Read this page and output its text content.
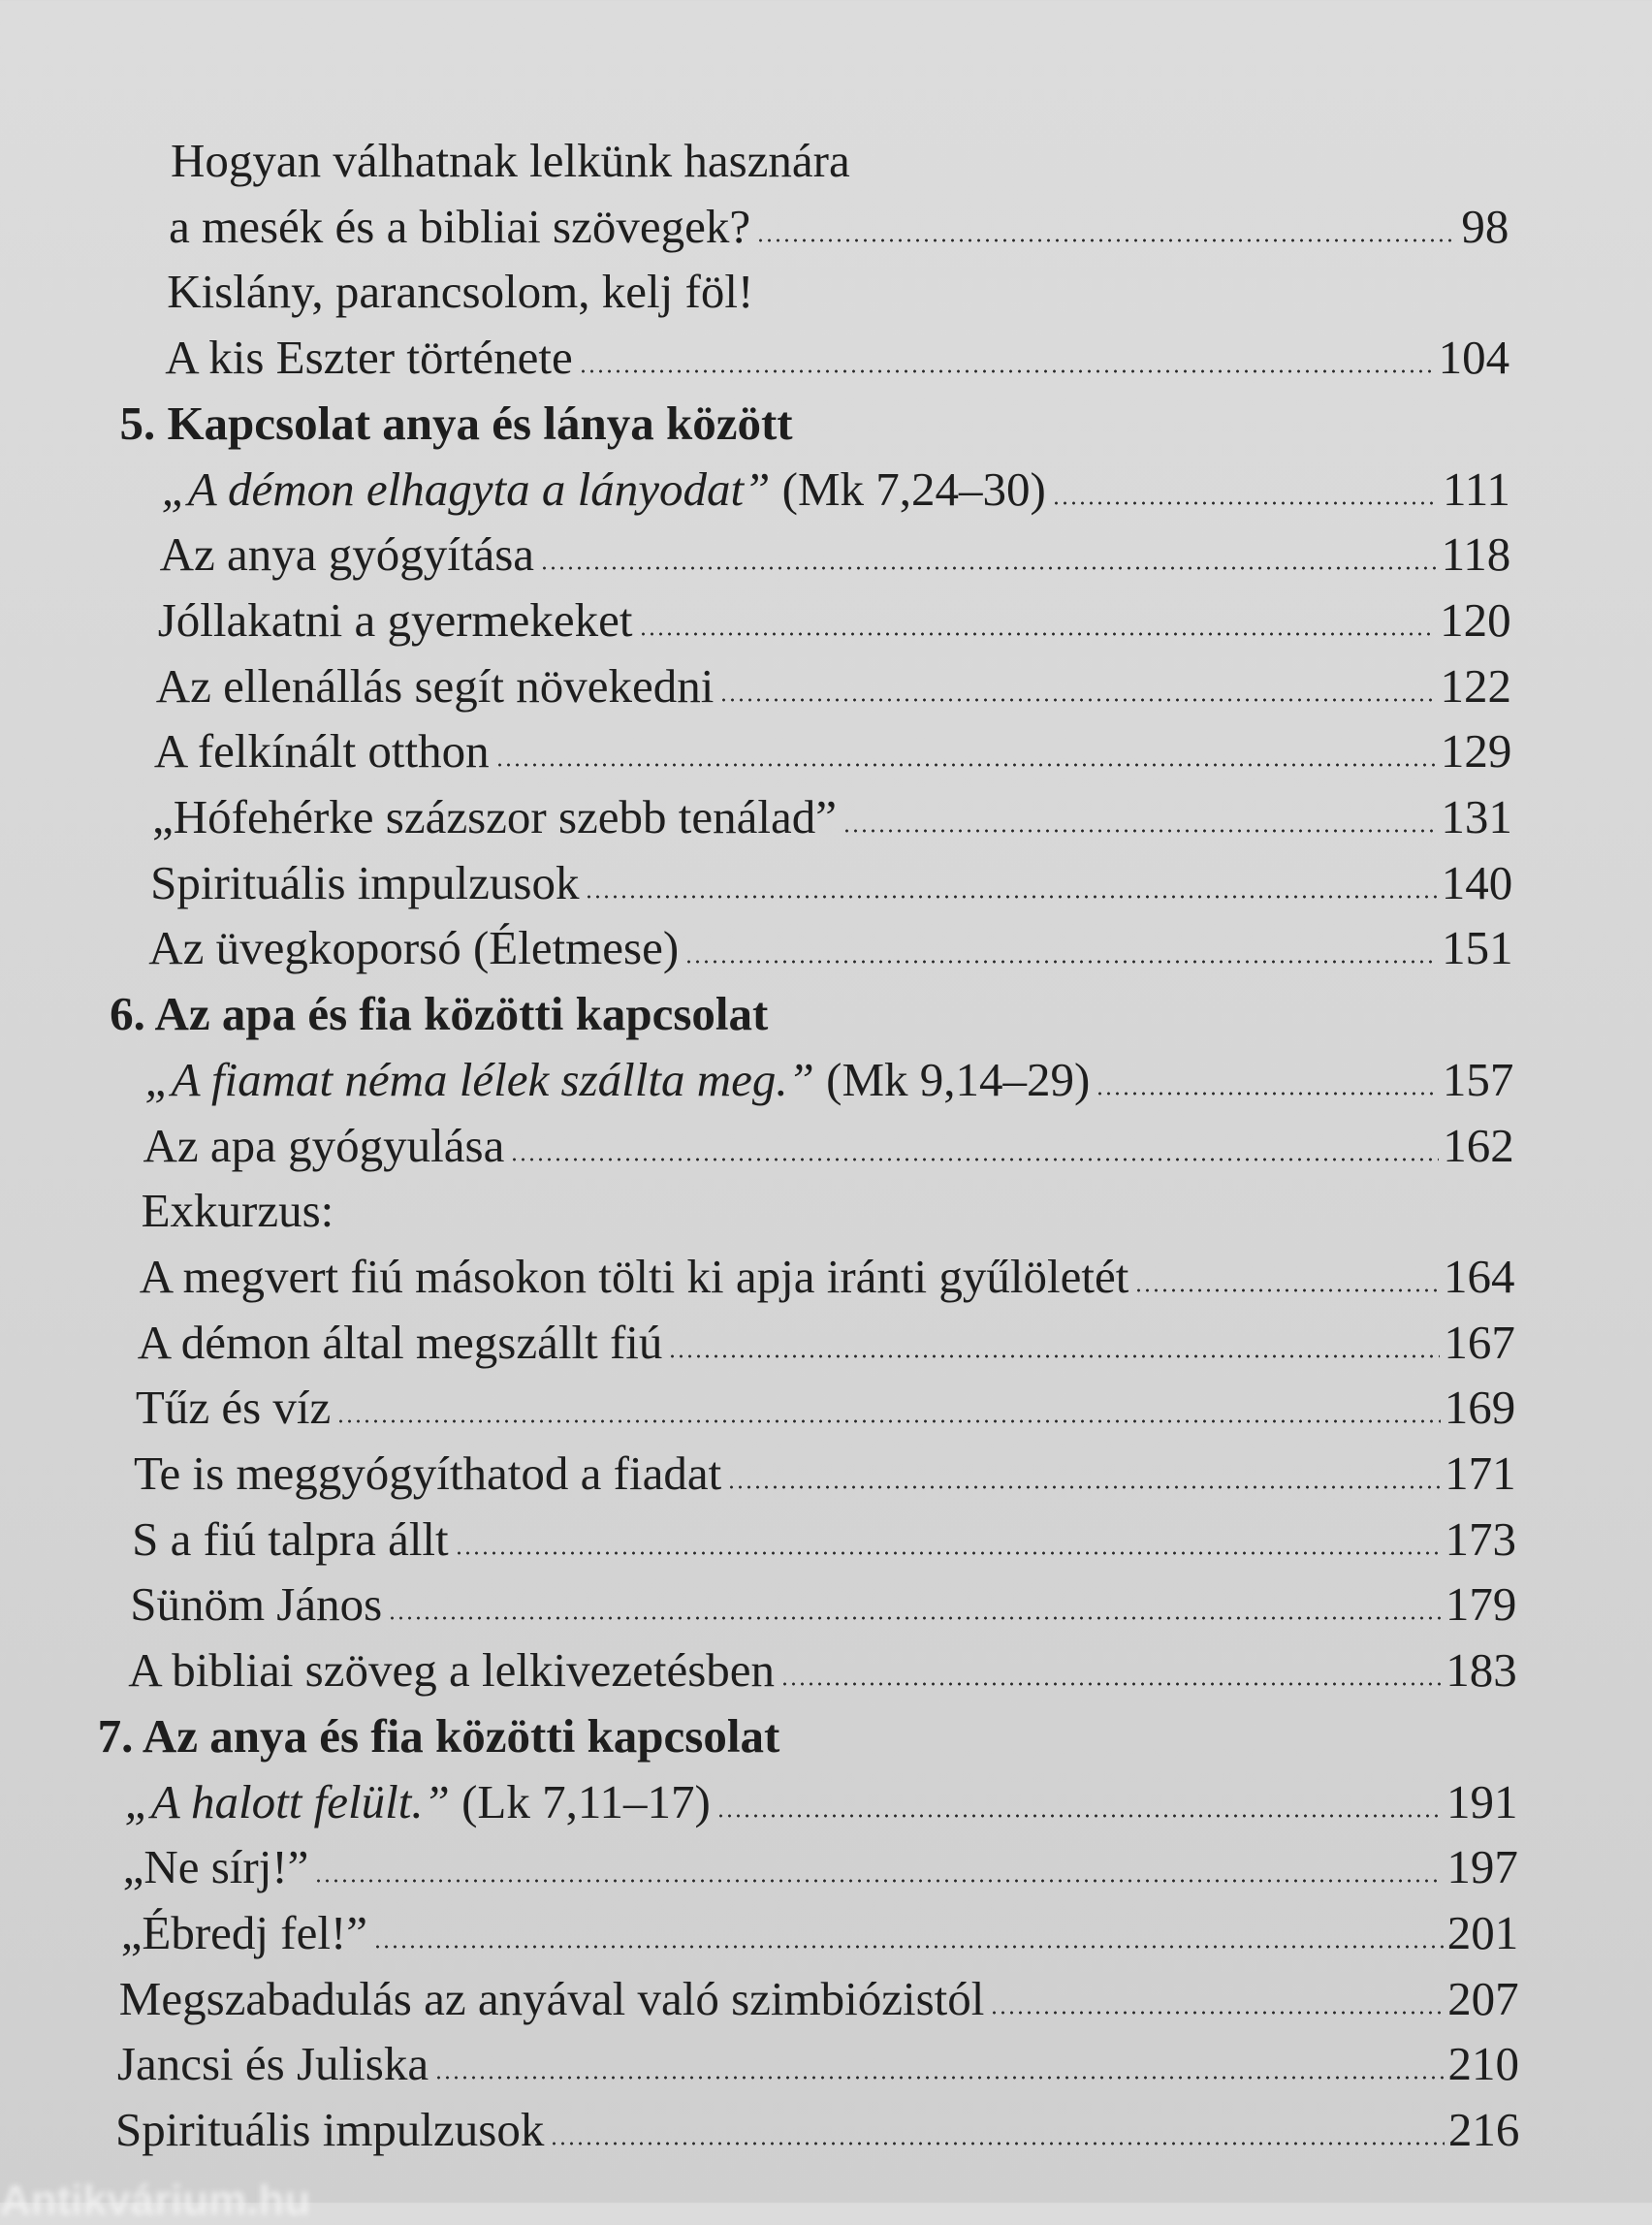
Hogyan válhatnak lelkünk hasznára
a mesék és a bibliai szövegek?	98
Kislány, parancsolom, kelj föl!
A kis Eszter története	104
5. Kapcsolat anya és lánya között
„A démon elhagyta a lányodat” (Mk 7,24–30)	111
Az anya gyógyítása	118
Jóllakatni a gyermekeket	120
Az ellenállás segít növekedni	122
A felkínált otthon	129
„Hófehérke százszor szebb tenálad”	131
Spirituális impulzusok	140
Az üvegkoporsó (Életmese)	151
6. Az apa és fia közötti kapcsolat
„A fiamat néma lélek szállta meg.” (Mk 9,14–29)	157
Az apa gyógyulása	162
Exkurzus:
A megvert fiú másokon tölti ki apja iránti gyűlöletét	164
A démon által megszállt fiú	167
Tűz és víz	169
Te is meggyógyíthatod a fiadat	171
S a fiú talpra állt	173
Sünöm János	179
A bibliai szöveg a lelkivezetésben	183
7. Az anya és fia közötti kapcsolat
„A halott felült.” (Lk 7,11–17)	191
„Ne sírj!”	197
„Ébredj fel!”	201
Megszabadulás az anyával való szimbiózistól	207
Jancsi és Juliska	210
Spirituális impulzusok	216
Antikvárium.hu
